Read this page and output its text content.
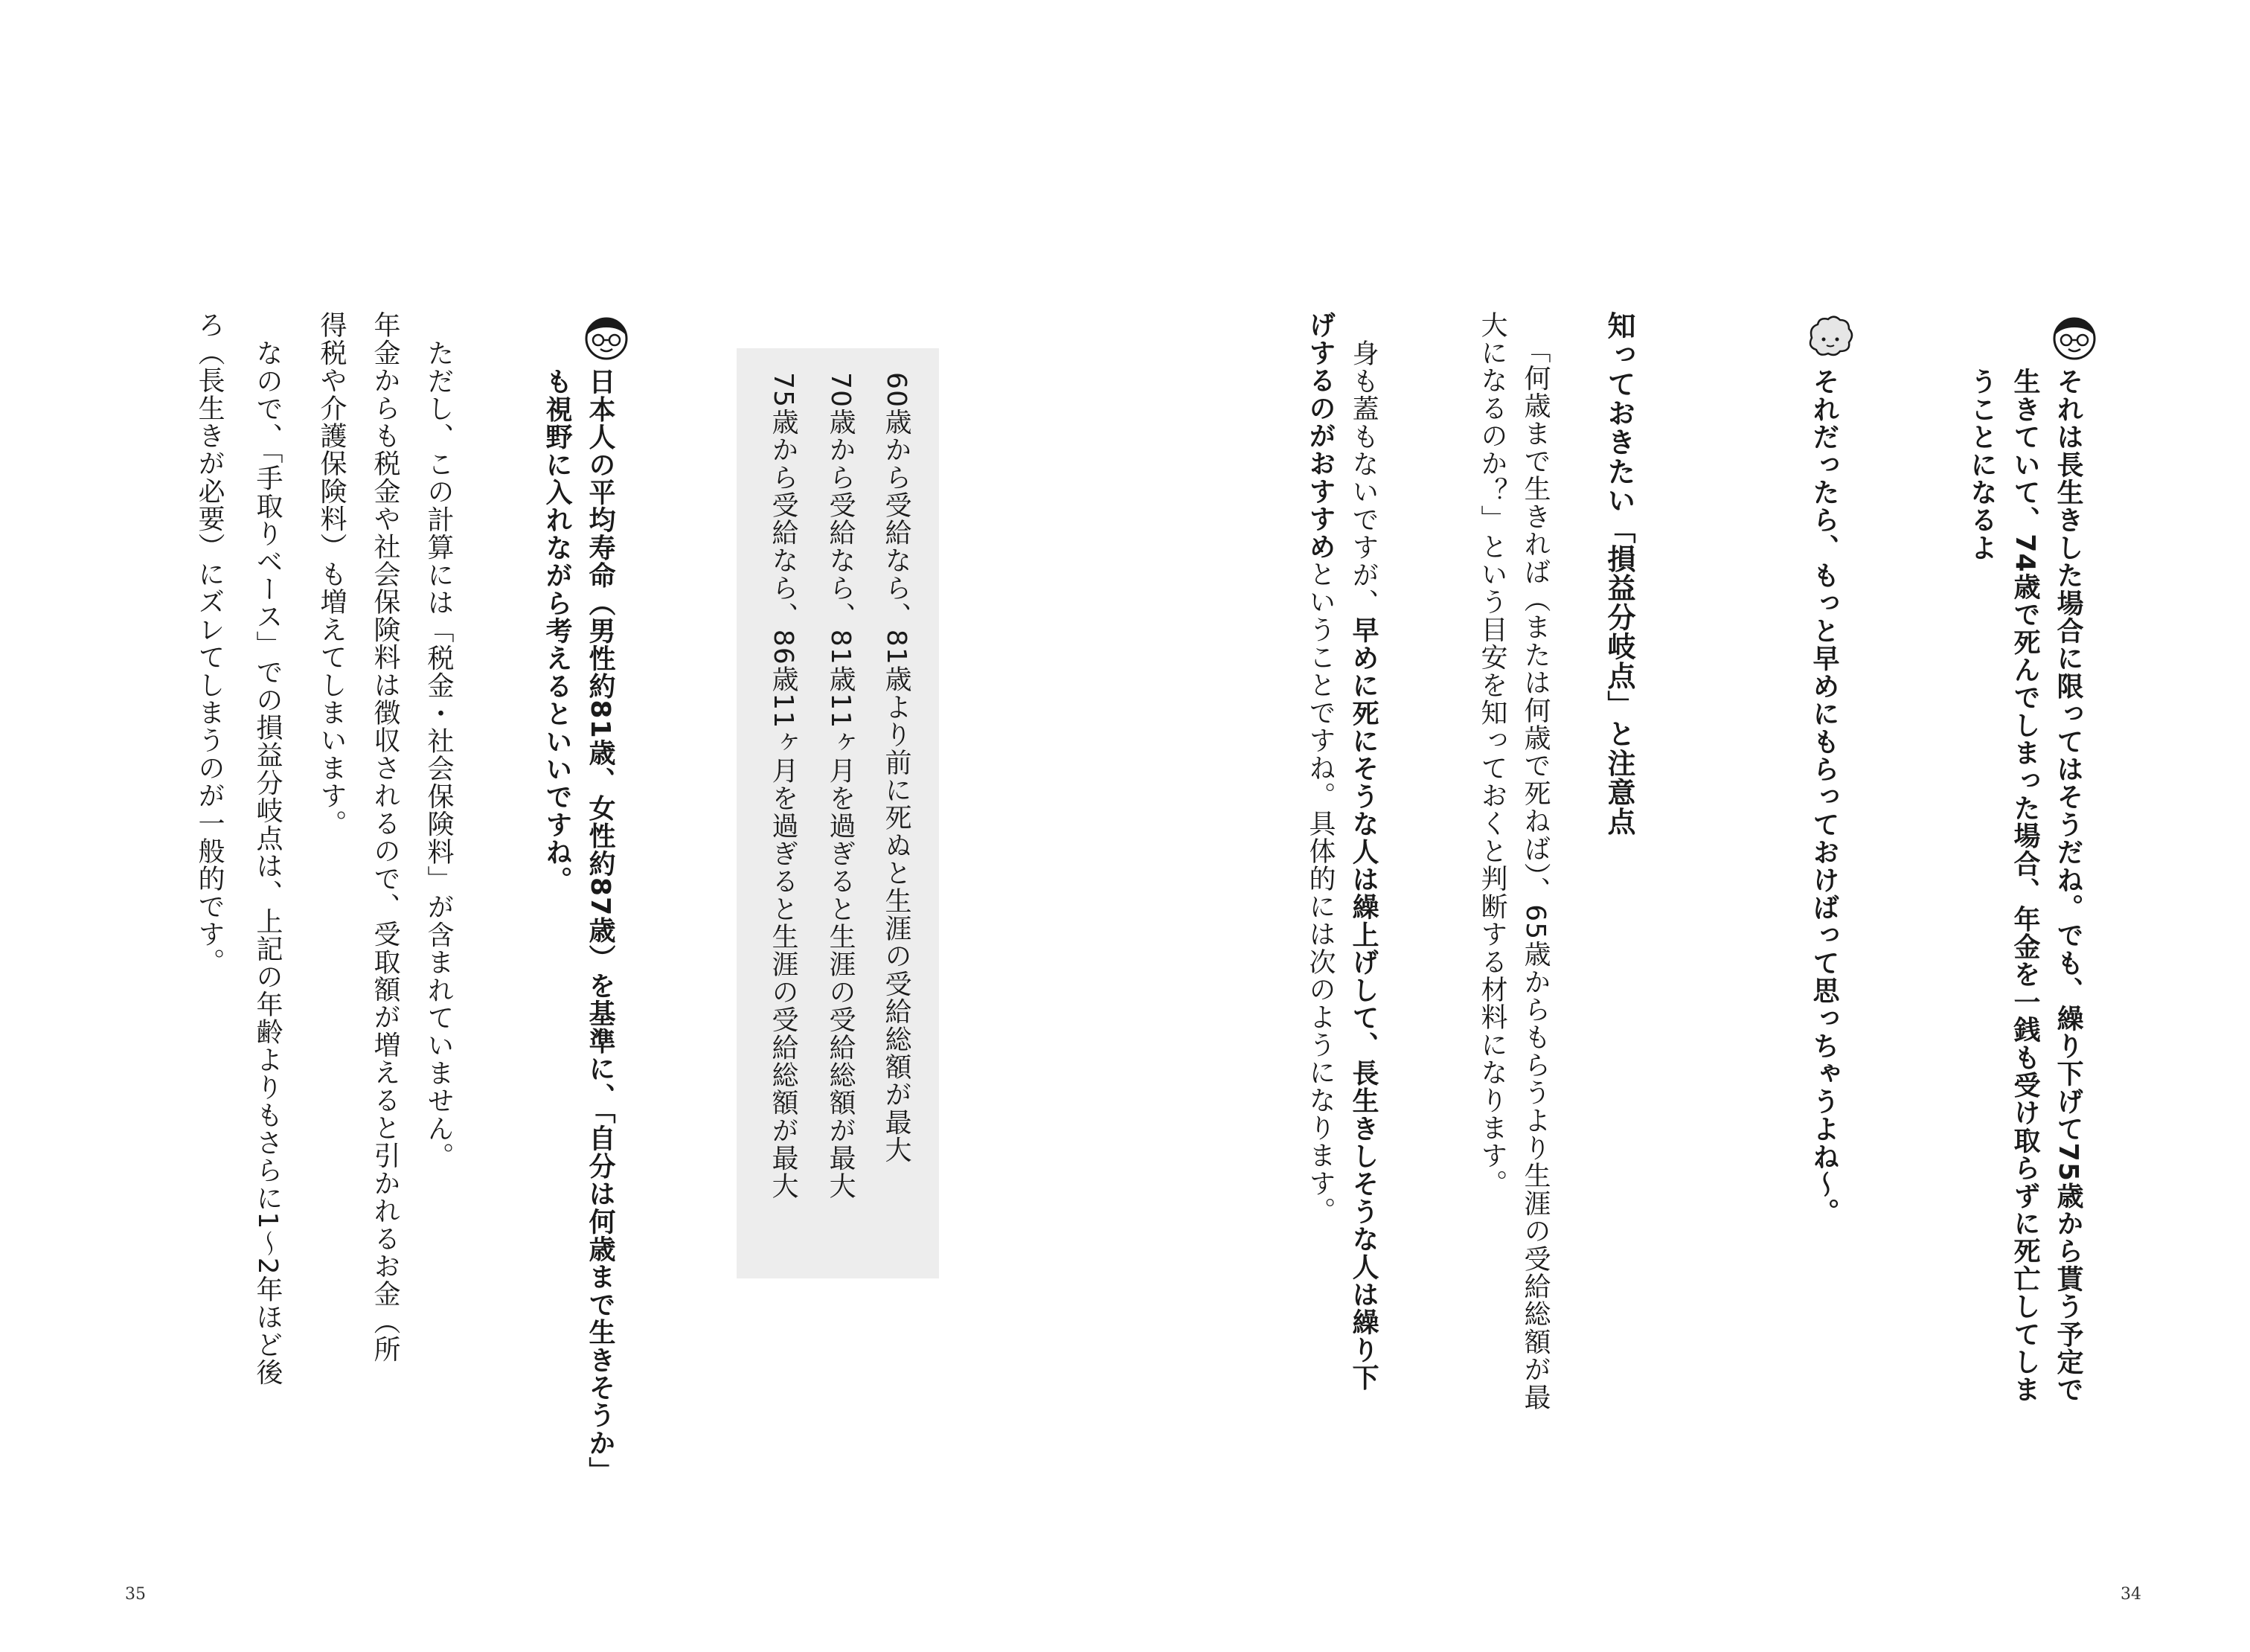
それは長生きした場合に限ってはそうだね。でも、繰り下げて75歳から貰う予定で
生きていて、74歳で死んでしまった場合、年金を一銭も受け取らずに死亡してしま
うことになるよ
それだったら、もっと早めにもらっておけばって思っちゃうよね〜。
知っておきたい「損益分岐点」と注意点
「何歳まで生きれば（または何歳で死ねば）、65歳からもらうより生涯の受給総額が最
大になるのか？」という目安を知っておくと判断する材料になります。
身も蓋もないですが、早めに死にそうな人は繰上げして、長生きしそうな人は繰り下
げするのがおすすめということですね。具体的には次のようになります。
34
60歳から受給なら、81歳より前に死ぬと生涯の受給総額が最大
70歳から受給なら、81歳11ヶ月を過ぎると生涯の受給総額が最大
75歳から受給なら、86歳11ヶ月を過ぎると生涯の受給総額が最大
日本人の平均寿命（男性約81歳、女性約87歳）を基準に、「自分は何歳まで生きそうか」
も視野に入れながら考えるといいですね。
ただし、この計算には「税金・社会保険料」が含まれていません。
年金からも税金や社会保険料は徴収されるので、受取額が増えると引かれるお金（所
得税や介護保険料）も増えてしまいます。
なので、「手取りベース」での損益分岐点は、上記の年齢よりもさらに1〜2年ほど後
ろ（長生きが必要）にズレてしまうのが一般的です。
35
